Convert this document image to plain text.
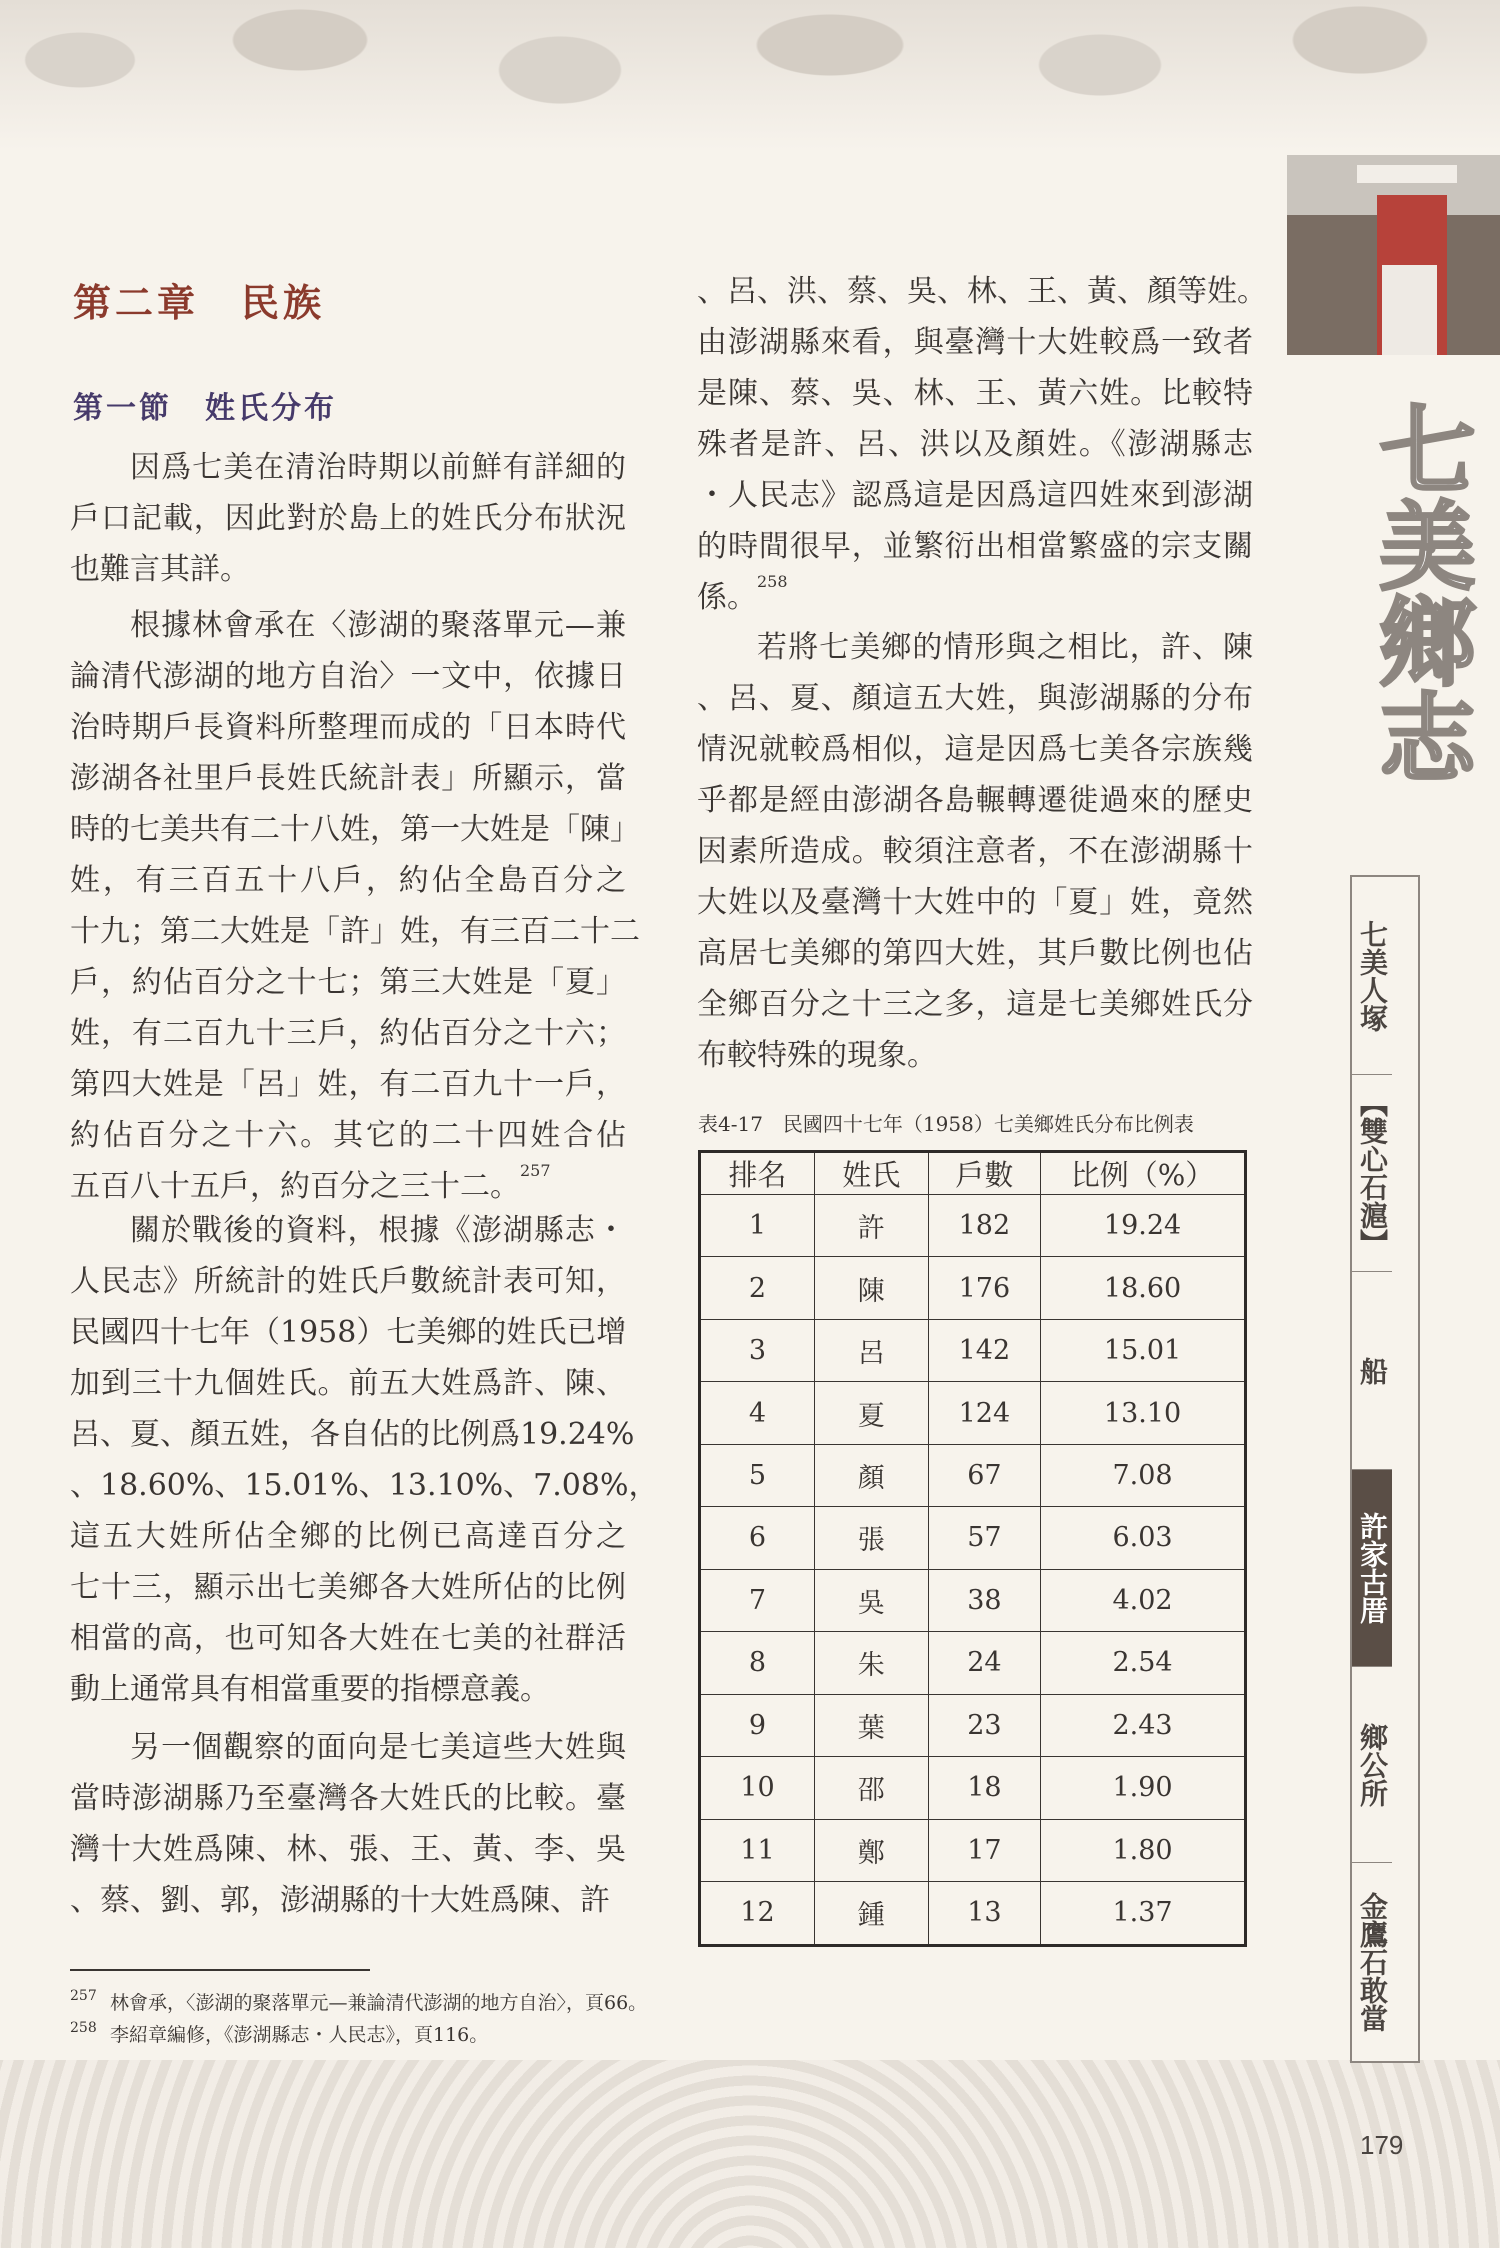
七美鄉志
七美人塚
【雙心石滬】
船
許家古厝
鄉公所
金鷹石敢當
第二章　民族
第一節　姓氏分布
因爲七美在清治時期以前鮮有詳細的
戶口記載，因此對於島上的姓氏分布狀況
也難言其詳。
根據林會承在〈澎湖的聚落單元—兼
論清代澎湖的地方自治〉一文中，依據日
治時期戶長資料所整理而成的「日本時代
澎湖各社里戶長姓氏統計表」所顯示，當
時的七美共有二十八姓，第一大姓是「陳」
姓，有三百五十八戶，約佔全島百分之
十九；第二大姓是「許」姓，有三百二十二
戶，約佔百分之十七；第三大姓是「夏」
姓，有二百九十三戶，約佔百分之十六；
第四大姓是「呂」姓，有二百九十一戶，
約佔百分之十六。其它的二十四姓合佔
五百八十五戶，約百分之三十二。$^{257}$
關於戰後的資料，根據《澎湖縣志・
人民志》所統計的姓氏戶數統計表可知，
民國四十七年（1958）七美鄉的姓氏已增
加到三十九個姓氏。前五大姓爲許、陳、
呂、夏、顏五姓，各自佔的比例爲19.24%
、18.60%、15.01%、13.10%、7.08%，
這五大姓所佔全鄉的比例已高達百分之
七十三，顯示出七美鄉各大姓所佔的比例
相當的高，也可知各大姓在七美的社群活
動上通常具有相當重要的指標意義。
另一個觀察的面向是七美這些大姓與
當時澎湖縣乃至臺灣各大姓氏的比較。臺
灣十大姓爲陳、林、張、王、黃、李、吳
、蔡、劉、郭，澎湖縣的十大姓爲陳、許
、呂、洪、蔡、吳、林、王、黃、顏等姓。
由澎湖縣來看，與臺灣十大姓較爲一致者
是陳、蔡、吳、林、王、黃六姓。比較特
殊者是許、呂、洪以及顏姓。《澎湖縣志
・人民志》認爲這是因爲這四姓來到澎湖
的時間很早，並繁衍出相當繁盛的宗支關
係。$^{258}$
若將七美鄉的情形與之相比，許、陳
、呂、夏、顏這五大姓，與澎湖縣的分布
情況就較爲相似，這是因爲七美各宗族幾
乎都是經由澎湖各島輾轉遷徙過來的歷史
因素所造成。較須注意者，不在澎湖縣十
大姓以及臺灣十大姓中的「夏」姓，竟然
高居七美鄉的第四大姓，其戶數比例也佔
全鄉百分之十三之多，這是七美鄉姓氏分
布較特殊的現象。
表4-17　民國四十七年（1958）七美鄉姓氏分布比例表
排名	姓氏	戶數	比例（%）
1	許	182	19.24
2	陳	176	18.60
3	呂	142	15.01
4	夏	124	13.10
5	顏	67	7.08
6	張	57	6.03
7	吳	38	4.02
8	朱	24	2.54
9	葉	23	2.43
10	邵	18	1.90
11	鄭	17	1.80
12	鍾	13	1.37
257 林會承，〈澎湖的聚落單元—兼論清代澎湖的地方自治〉，頁66。
258 李紹章編修，《澎湖縣志・人民志》，頁116。
179
